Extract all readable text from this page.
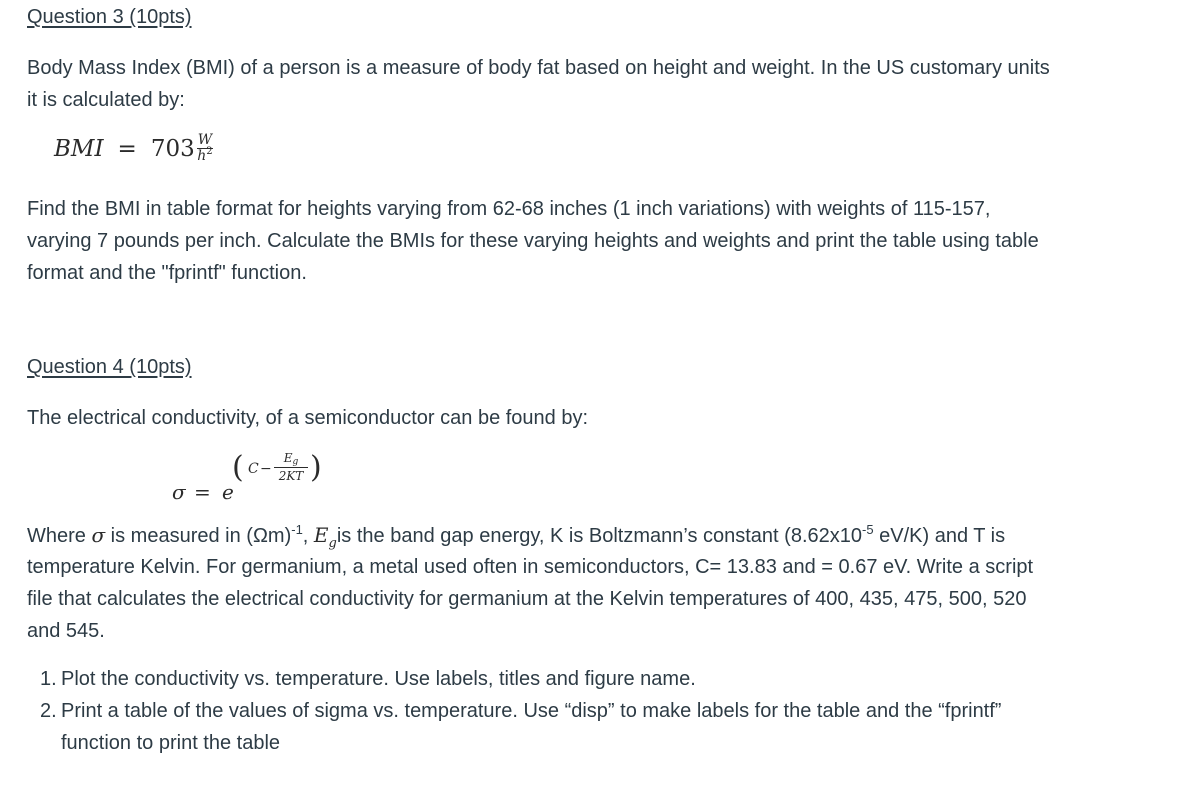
Question 3 (10pts)
Body Mass Index (BMI) of a person is a measure of body fat based on height and weight. In the US customary units
it is calculated by:
BMI = $703 \frac{W}{h^2}$
Find the BMI in table format for heights varying from 62-68 inches (1 inch variations) with weights of 115-157,
varying 7 pounds per inch. Calculate the BMIs for these varying heights and weights and print the table using table
format and the "fprintf" function.
Question 4 (10pts)
The electrical conductivity, of a semiconductor can be found by:
σ = e
( C −
$E_g$
2KT )
Where σ is measured in $(\Omega m)^{-1}$, $E_gis$ the band gap energy, K is Boltzmann’s constant ($8.62x10^{-5}$ eV/K) and T is
temperature Kelvin. For germanium, a metal used often in semiconductors, C= 13.83 and = 0.67 eV. Write a script
file that calculates the electrical conductivity for germanium at the Kelvin temperatures of 400, 435, 475, 500, 520
and 545.
1. Plot the conductivity vs. temperature. Use labels, titles and figure name.
2. Print a table of the values of sigma vs. temperature. Use “disp” to make labels for the table and the “fprintf”
function to print the table
